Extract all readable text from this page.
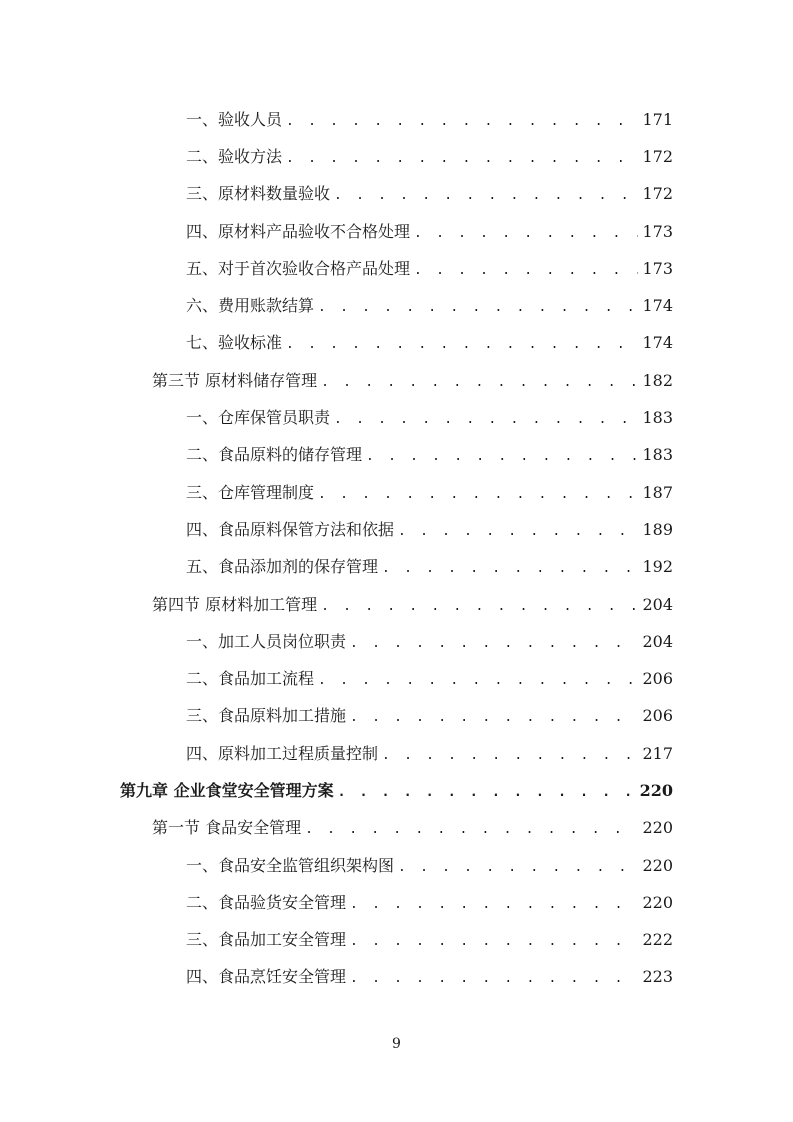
一、验收人员 . . .	171
二、验收方法 . . .	172
三、原材料数量验收 . . .	172
四、原材料产品验收不合格处理 . . .	173
五、对于首次验收合格产品处理 . . .	173
六、费用账款结算 . . .	174
七、验收标准 . . .	174
第三节 原材料储存管理 . . .	182
一、仓库保管员职责 . . .	183
二、食品原料的储存管理 . . .	183
三、仓库管理制度 . . .	187
四、食品原料保管方法和依据 . . .	189
五、食品添加剂的保存管理 . . .	192
第四节 原材料加工管理 . . .	204
一、加工人员岗位职责 . . .	204
二、食品加工流程 . . .	206
三、食品原料加工措施 . . .	206
四、原料加工过程质量控制 . . .	217
第九章 企业食堂安全管理方案 . . .	220
第一节 食品安全管理 . . .	220
一、食品安全监管组织架构图 . . .	220
二、食品验货安全管理 . . .	220
三、食品加工安全管理 . . .	222
四、食品烹饪安全管理 . . .	223
9
